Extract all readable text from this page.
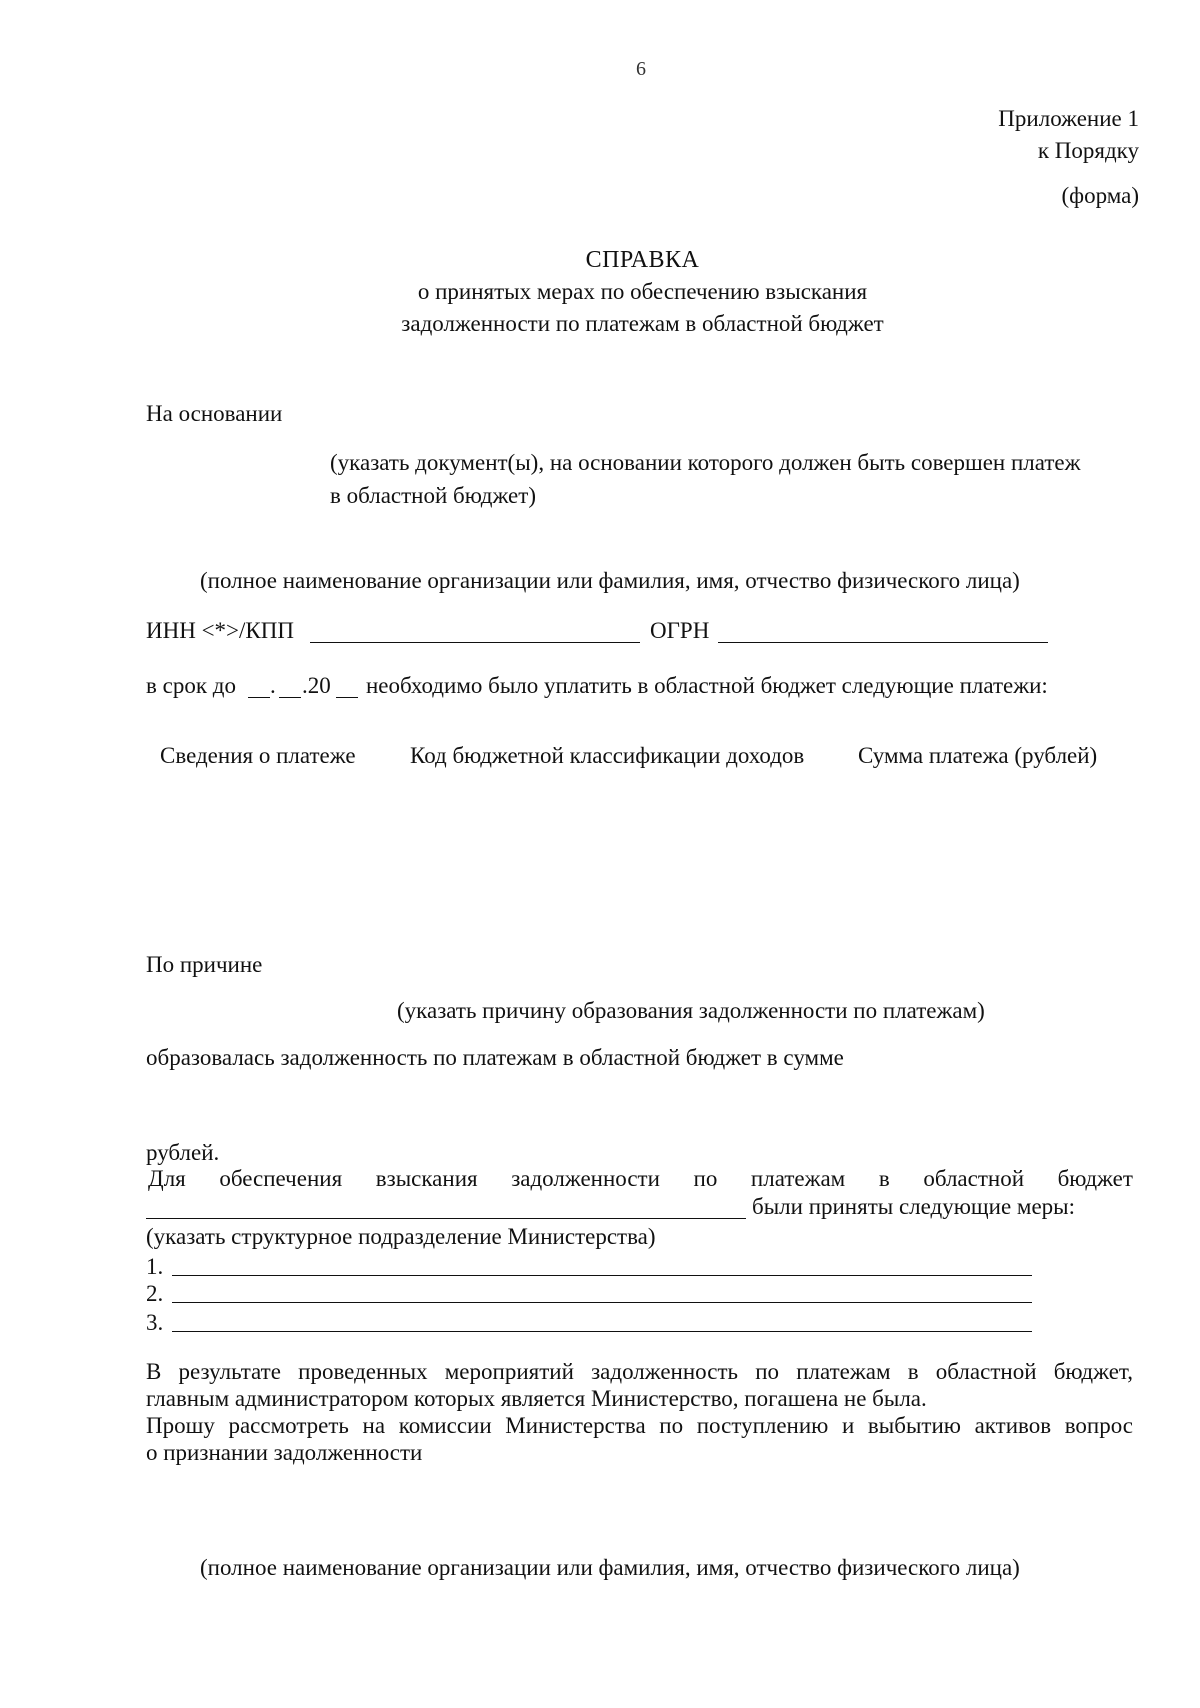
6
Приложение 1
к Порядку
(форма)
СПРАВКА
о принятых мерах по обеспечению взыскания
задолженности по платежам в областной бюджет
На основании
(указать документ(ы), на основании которого должен быть совершен платеж
в областной бюджет)
(полное наименование организации или фамилия, имя, отчество физического лица)
ИНН <*>/КПП	ОГРН
в срок до . .20 необходимо было уплатить в областной бюджет следующие платежи:
Сведения о платеже Код бюджетной классификации доходов Сумма платежа (рублей)
По причине
(указать причину образования задолженности по платежам)
образовалась задолженность по платежам в областной бюджет в сумме
рублей.
Для обеспечения взыскания задолженности по платежам в областной бюджет
были приняты следующие меры:
(указать структурное подразделение Министерства)
1.
2.
3.
В результате проведенных мероприятий задолженность по платежам в областной бюджет,
главным администратором которых является Министерство, погашена не была.
Прошу рассмотреть на комиссии Министерства по поступлению и выбытию активов вопрос
о признании задолженности
(полное наименование организации или фамилия, имя, отчество физического лица)
